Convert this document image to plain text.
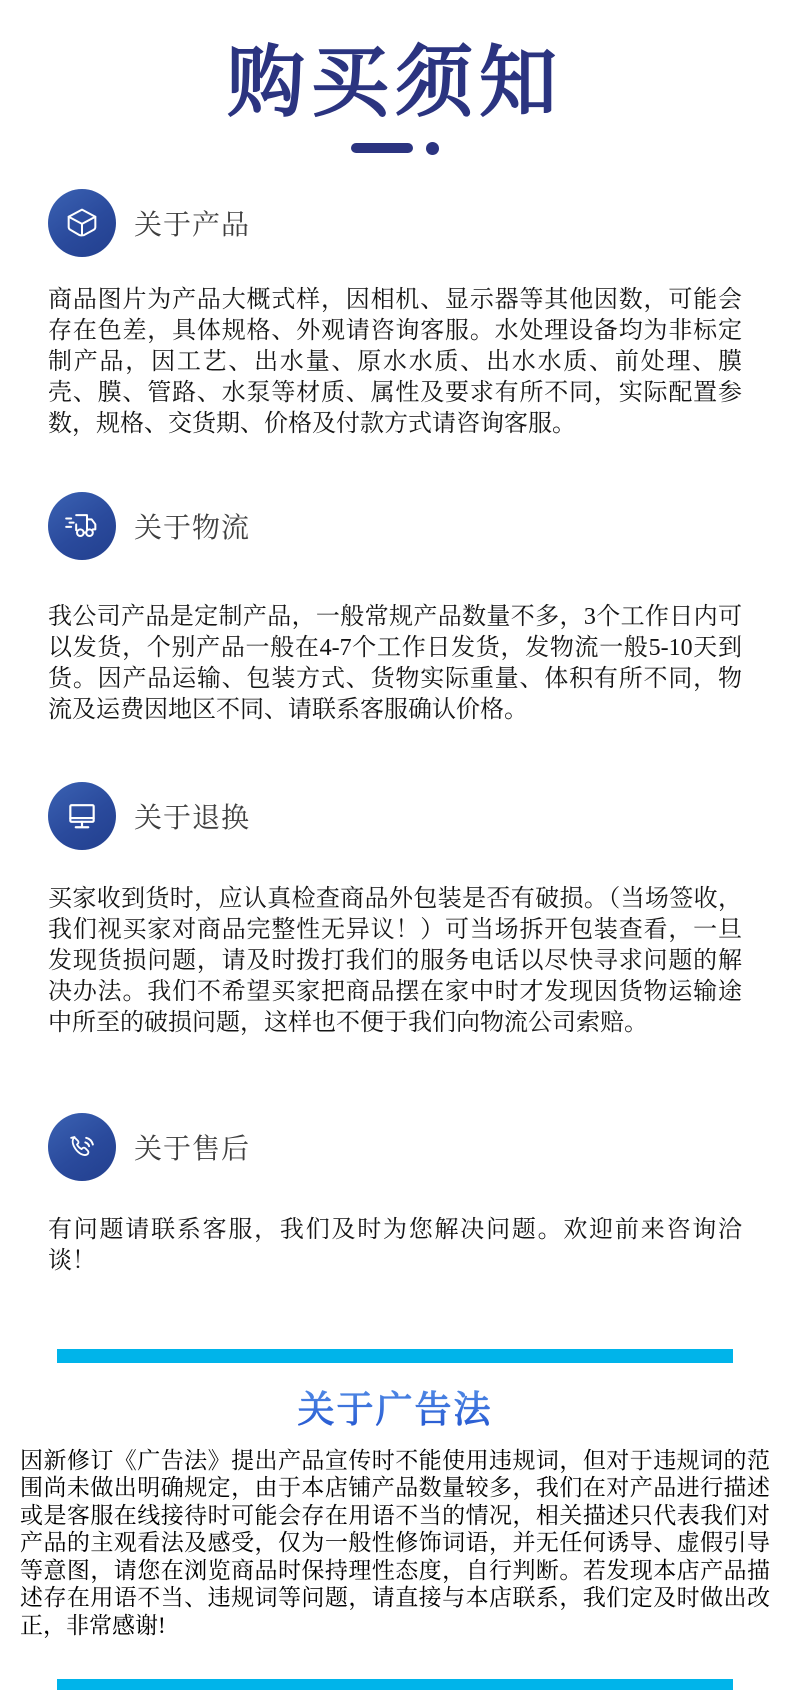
购买须知
关于产品

商品图片为产品大概式样，因相机、显示器等其他因数，可能会存在色差，具体规格、外观请咨询客服。水处理设备均为非标定制产品，因工艺、出水量、原水水质、出水水质、前处理、膜壳、膜、管路、水泵等材质、属性及要求有所不同，实际配置参数，规格、交货期、价格及付款方式请咨询客服。

关于物流

我公司产品是定制产品，一般常规产品数量不多，3个工作日内可以发货，个别产品一般在4-7个工作日发货，发物流一般5-10天到货。因产品运输、包装方式、货物实际重量、体积有所不同，物流及运费因地区不同、请联系客服确认价格。

关于退换

买家收到货时，应认真检查商品外包装是否有破损。（当场签收，我们视买家对商品完整性无异议！）可当场拆开包装查看，一旦发现货损问题，请及时拨打我们的服务电话以尽快寻求问题的解决办法。我们不希望买家把商品摆在家中时才发现因货物运输途中所至的破损问题，这样也不便于我们向物流公司索赔。

关于售后

有问题请联系客服，我们及时为您解决问题。欢迎前来咨询洽谈！

关于广告法

因新修订《广告法》提出产品宣传时不能使用违规词，但对于违规词的范围尚未做出明确规定，由于本店铺产品数量较多，我们在对产品进行描述或是客服在线接待时可能会存在用语不当的情况，相关描述只代表我们对产品的主观看法及感受，仅为一般性修饰词语，并无任何诱导、虚假引导等意图，请您在浏览商品时保持理性态度，自行判断。若发现本店产品描述存在用语不当、违规词等问题，请直接与本店联系，我们定及时做出改正，非常感谢!
